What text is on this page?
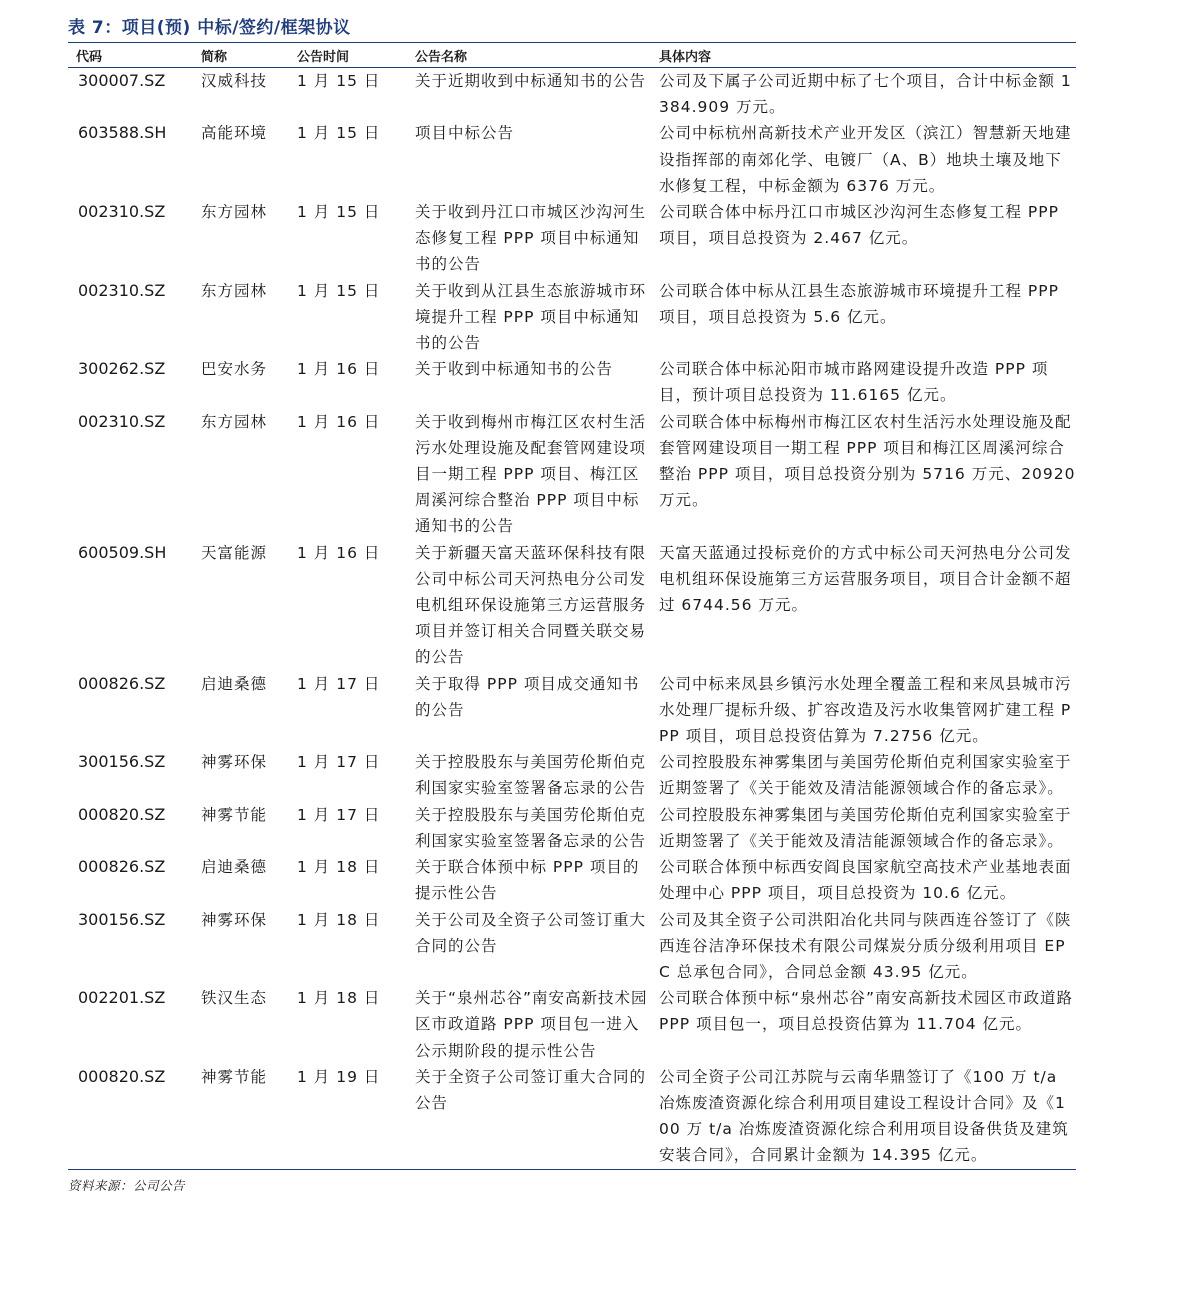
表 7：项目(预) 中标/签约/框架协议
代码	简称	公告时间	公告名称	具体内容
300007.SZ	汉威科技	1 月 15 日	关于近期收到中标通知书的公告	公司及下属子公司近期中标了七个项目，合计中标金额 1384.909 万元。
603588.SH	高能环境	1 月 15 日	项目中标公告	公司中标杭州高新技术产业开发区（滨江）智慧新天地建设指挥部的南郊化学、电镀厂（A、B）地块土壤及地下水修复工程，中标金额为 6376 万元。
002310.SZ	东方园林	1 月 15 日	关于收到丹江口市城区沙沟河生态修复工程 PPP 项目中标通知书的公告	公司联合体中标丹江口市城区沙沟河生态修复工程 PPP 项目，项目总投资为 2.467 亿元。
002310.SZ	东方园林	1 月 15 日	关于收到从江县生态旅游城市环境提升工程 PPP 项目中标通知书的公告	公司联合体中标从江县生态旅游城市环境提升工程 PPP 项目，项目总投资为 5.6 亿元。
300262.SZ	巴安水务	1 月 16 日	关于收到中标通知书的公告	公司联合体中标沁阳市城市路网建设提升改造 PPP 项目，预计项目总投资为 11.6165 亿元。
002310.SZ	东方园林	1 月 16 日	关于收到梅州市梅江区农村生活污水处理设施及配套管网建设项目一期工程 PPP 项目、梅江区周溪河综合整治 PPP 项目中标通知书的公告	公司联合体中标梅州市梅江区农村生活污水处理设施及配套管网建设项目一期工程 PPP 项目和梅江区周溪河综合整治 PPP 项目，项目总投资分别为 5716 万元、20920 万元。
600509.SH	天富能源	1 月 16 日	关于新疆天富天蓝环保科技有限公司中标公司天河热电分公司发电机组环保设施第三方运营服务项目并签订相关合同暨关联交易的公告	天富天蓝通过投标竞价的方式中标公司天河热电分公司发电机组环保设施第三方运营服务项目，项目合计金额不超过 6744.56 万元。
000826.SZ	启迪桑德	1 月 17 日	关于取得 PPP 项目成交通知书的公告	公司中标来凤县乡镇污水处理全覆盖工程和来凤县城市污水处理厂提标升级、扩容改造及污水收集管网扩建工程 PPP 项目，项目总投资估算为 7.2756 亿元。
300156.SZ	神雾环保	1 月 17 日	关于控股股东与美国劳伦斯伯克利国家实验室签署备忘录的公告	公司控股股东神雾集团与美国劳伦斯伯克利国家实验室于近期签署了《关于能效及清洁能源领域合作的备忘录》。
000820.SZ	神雾节能	1 月 17 日	关于控股股东与美国劳伦斯伯克利国家实验室签署备忘录的公告	公司控股股东神雾集团与美国劳伦斯伯克利国家实验室于近期签署了《关于能效及清洁能源领域合作的备忘录》。
000826.SZ	启迪桑德	1 月 18 日	关于联合体预中标 PPP 项目的提示性公告	公司联合体预中标西安阎良国家航空高技术产业基地表面处理中心 PPP 项目，项目总投资为 10.6 亿元。
300156.SZ	神雾环保	1 月 18 日	关于公司及全资子公司签订重大合同的公告	公司及其全资子公司洪阳冶化共同与陕西连谷签订了《陕西连谷洁净环保技术有限公司煤炭分质分级利用项目 EPC 总承包合同》，合同总金额 43.95 亿元。
002201.SZ	铁汉生态	1 月 18 日	关于“泉州芯谷”南安高新技术园区市政道路 PPP 项目包一进入公示期阶段的提示性公告	公司联合体预中标“泉州芯谷”南安高新技术园区市政道路 PPP 项目包一，项目总投资估算为 11.704 亿元。
000820.SZ	神雾节能	1 月 19 日	关于全资子公司签订重大合同的公告	公司全资子公司江苏院与云南华鼎签订了《100 万 t/a 冶炼废渣资源化综合利用项目建设工程设计合同》及《100 万 t/a 冶炼废渣资源化综合利用项目设备供货及建筑安装合同》，合同累计金额为 14.395 亿元。
资料来源：公司公告
